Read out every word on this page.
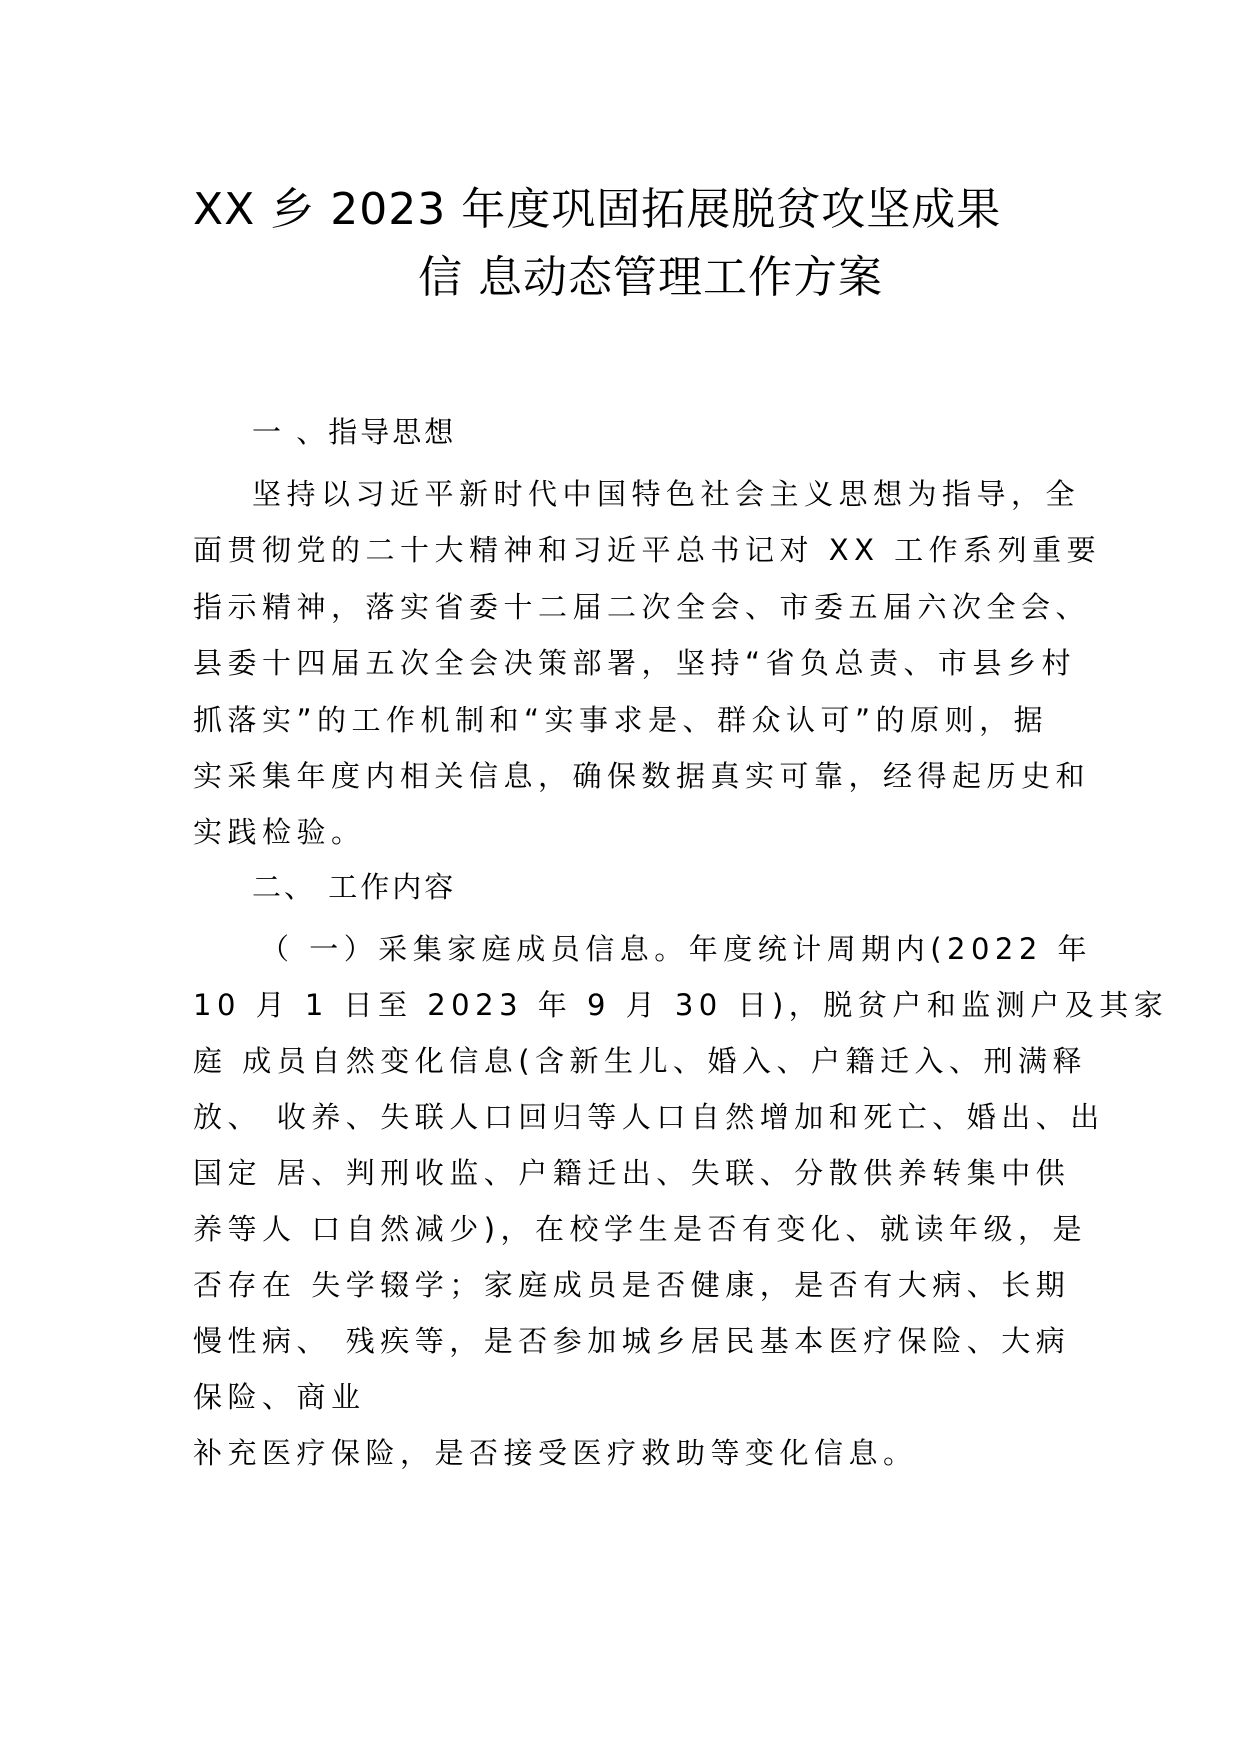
XX 乡 2023 年度巩固拓展脱贫攻坚成果
信 息动态管理工作方案
一 、指导思想
坚持以习近平新时代中国特色社会主义思想为指导，全
面贯彻党的二十大精神和习近平总书记对 XX 工作系列重要
指示精神，落实省委十二届二次全会、市委五届六次全会、
县委十四届五次全会决策部署，坚持“省负总责、市县乡村
抓落实”的工作机制和“实事求是、群众认可”的原则，据
实采集年度内相关信息，确保数据真实可靠，经得起历史和
实践检验。
二、 工作内容
（ 一）采集家庭成员信息。年度统计周期内(2022 年
10 月 1 日至 2023 年 9 月 30 日)，脱贫户和监测户及其家
庭 成员自然变化信息(含新生儿、婚入、户籍迁入、刑满释
放、 收养、失联人口回归等人口自然增加和死亡、婚出、出
国定 居、判刑收监、户籍迁出、失联、分散供养转集中供
养等人 口自然减少)，在校学生是否有变化、就读年级，是
否存在 失学辍学；家庭成员是否健康，是否有大病、长期
慢性病、 残疾等，是否参加城乡居民基本医疗保险、大病
保险、商业
补充医疗保险，是否接受医疗救助等变化信息。
